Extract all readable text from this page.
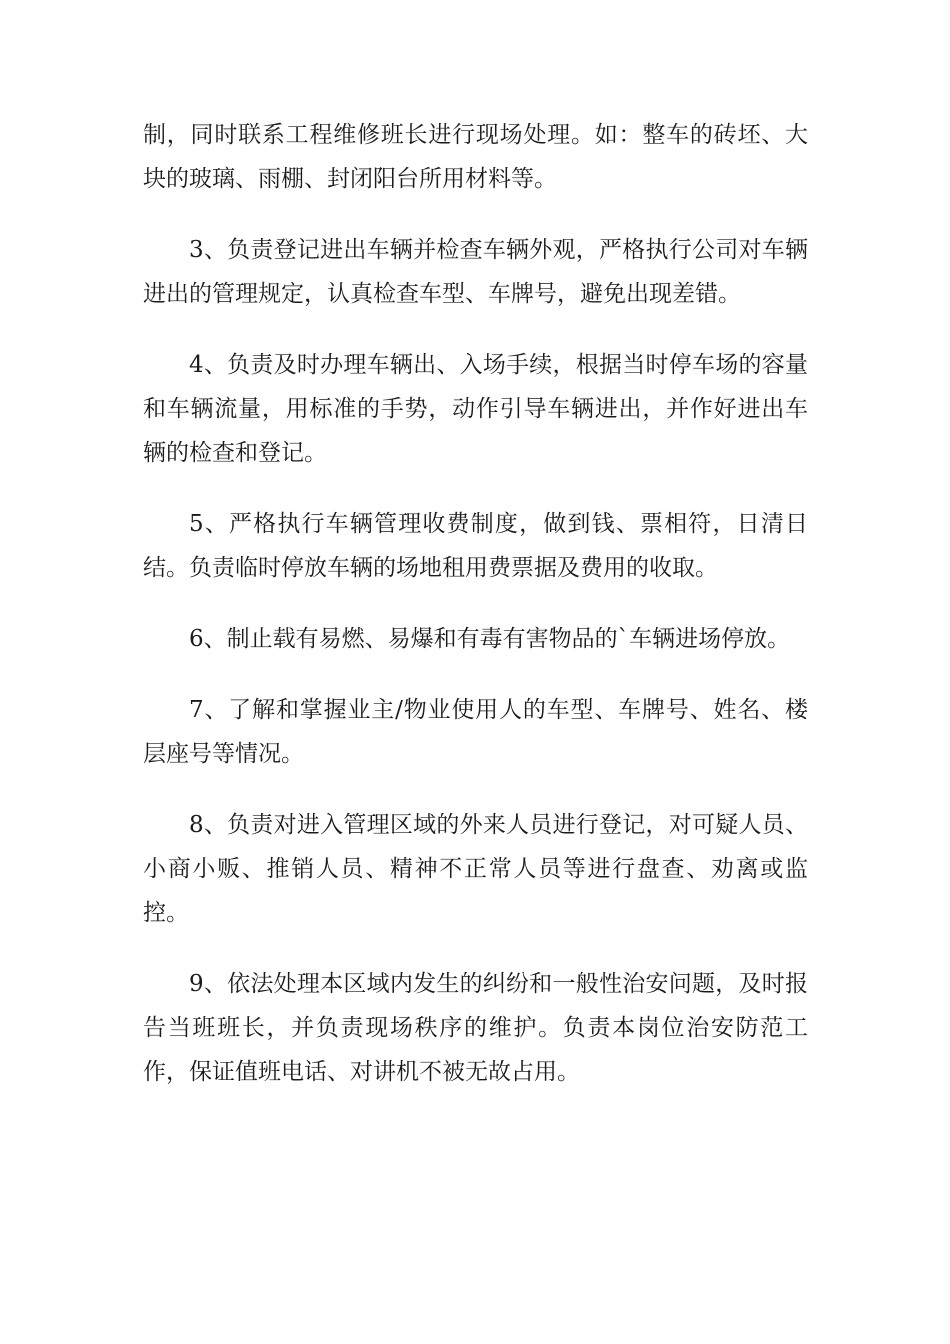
制，同时联系工程维修班长进行现场处理。如：整车的砖坯、大块的玻璃、雨棚、封闭阳台所用材料等。

3、负责登记进出车辆并检查车辆外观，严格执行公司对车辆进出的管理规定，认真检查车型、车牌号，避免出现差错。

4、负责及时办理车辆出、入场手续，根据当时停车场的容量和车辆流量，用标准的手势，动作引导车辆进出，并作好进出车辆的检查和登记。

5、严格执行车辆管理收费制度，做到钱、票相符，日清日结。负责临时停放车辆的场地租用费票据及费用的收取。

6、制止载有易燃、易爆和有毒有害物品的`车辆进场停放。

7、了解和掌握业主/物业使用人的车型、车牌号、姓名、楼层座号等情况。

8、负责对进入管理区域的外来人员进行登记，对可疑人员、小商小贩、推销人员、精神不正常人员等进行盘查、劝离或监控。

9、依法处理本区域内发生的纠纷和一般性治安问题，及时报告当班班长，并负责现场秩序的维护。负责本岗位治安防范工作，保证值班电话、对讲机不被无故占用。
